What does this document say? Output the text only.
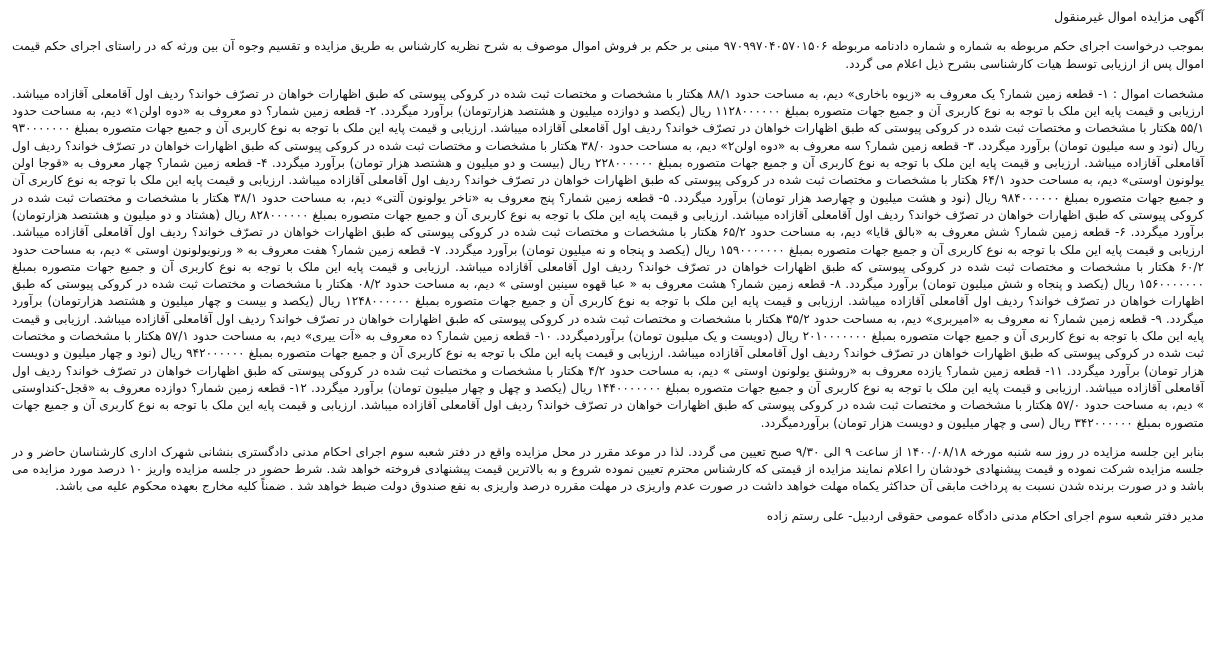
آگهی مزایده اموال غیرمنقول

بموجب درخواست اجرای حکم مربوطه به شماره و شماره دادنامه مربوطه ۹۷۰۹۹۷۰۴۰۵۷۰۱۵۰۶ مبنی بر حکم بر فروش اموال موصوف به شرح نظریه کارشناس به طریق مزایده و تقسیم وجوه آن بین ورثه که در راستای اجرای حکم قیمت اموال پس از ارزیابی توسط هیات کارشناسی بشرح ذیل اعلام می گردد.

مشخصات اموال : ۱- قطعه زمین شمار؟ یک معروف به «زیوه باخاری» دیم، به مساحت حدود ۸۸/۱ هکتار با مشخصات و مختصات ثبت شده در کروکی پیوستی که طبق اظهارات خواهان در تصرّف خواند؟ ردیف اول آقامعلی آقازاده میباشد. ارزیابی و قیمت پایه این ملک با توجه به نوع کاربری آن و جمیع جهات متصوره بمبلغ ۱۱۲۸۰۰۰۰۰۰ ریال (یکصد و دوازده میلیون و هشتصد هزارتومان) برآورد میگردد. ۲- قطعه زمین شمار؟ دو معروف به «دوه اولن۱» دیم، به مساحت حدود ۵۵/۱ هکتار با مشخصات و مختصات ثبت شده در کروکی پیوستی که طبق اظهارات خواهان در تصرّف خواند؟ ردیف اول آقامعلی آقازاده میباشد. ارزیابی و قیمت پایه این ملک با توجه به نوع کاربری آن و جمیع جهات متصوره بمبلغ ۹۳۰۰۰۰۰۰۰ ریال (نود و سه میلیون تومان) برآورد میگردد. ۳- قطعه زمین شمار؟ سه معروف به «دوه اولن۲» دیم، به مساحت حدود ۳۸/۰ هکتار با مشخصات و مختصات ثبت شده در کروکی پیوستی که طبق اظهارات خواهان در تصرّف خواند؟ ردیف اول آقامعلی آقازاده میباشد. ارزیابی و قیمت پایه این ملک با توجه به نوع کاربری آن و جمیع جهات متصوره بمبلغ ۲۲۸۰۰۰۰۰۰ ریال (بیست و دو میلیون و هشتصد هزار تومان) برآورد میگردد. ۴- قطعه زمین شمار؟ چهار معروف به «قوجا اولن یولونون اوستی» دیم، به مساحت حدود ۶۴/۱ هکتار با مشخصات و مختصات ثبت شده در کروکی پیوستی که طبق اظهارات خواهان در تصرّف خواند؟ ردیف اول آقامعلی آقازاده میباشد. ارزیابی و قیمت پایه این ملک با توجه به نوع کاربری آن و جمیع جهات متصوره بمبلغ ۹۸۴۰۰۰۰۰۰ ریال (نود و هشت میلیون و چهارصد هزار تومان) برآورد میگردد. ۵- قطعه زمین شمار؟ پنج معروف به «ناخر یولونون آلتی» دیم، به مساحت حدود ۳۸/۱ هکتار با مشخصات و مختصات ثبت شده در کروکی پیوستی که طبق اظهارات خواهان در تصرّف خواند؟ ردیف اول آقامعلی آقازاده میباشد. ارزیابی و قیمت پایه این ملک با توجه به نوع کاربری آن و جمیع جهات متصوره بمبلغ ۸۲۸۰۰۰۰۰۰ ریال (هشتاد و دو میلیون و هشتصد هزارتومان) برآورد میگردد. ۶- قطعه زمین شمار؟ شش معروف به «بالق قایا» دیم، به مساحت حدود ۶۵/۲ هکتار با مشخصات و مختصات ثبت شده در کروکی پیوستی که طبق اظهارات خواهان در تصرّف خواند؟ ردیف اول آقامعلی آقازاده میباشد. ارزیابی و قیمت پایه این ملک با توجه به نوع کاربری آن و جمیع جهات متصوره بمبلغ ۱۵۹۰۰۰۰۰۰۰ ریال (یکصد و پنجاه و نه میلیون تومان) برآورد میگردد. ۷- قطعه زمین شمار؟ هفت معروف به « ورنویولونون اوستی » دیم، به مساحت حدود ۶۰/۲ هکتار با مشخصات و مختصات ثبت شده در کروکی پیوستی که طبق اظهارات خواهان در تصرّف خواند؟ ردیف اول آقامعلی آقازاده میباشد. ارزیابی و قیمت پایه این ملک با توجه به نوع کاربری آن و جمیع جهات متصوره بمبلغ ۱۵۶۰۰۰۰۰۰۰ ریال (یکصد و پنجاه و شش میلیون تومان) برآورد میگردد. ۸- قطعه زمین شمار؟ هشت معروف به « عبا قهوه سینین اوستی » دیم، به مساحت حدود ۰۸/۲ هکتار با مشخصات و مختصات ثبت شده در کروکی پیوستی که طبق اظهارات خواهان در تصرّف خواند؟ ردیف اول آقامعلی آقازاده میباشد. ارزیابی و قیمت پایه این ملک با توجه به نوع کاربری آن و جمیع جهات متصوره بمبلغ ۱۲۴۸۰۰۰۰۰۰ ریال (یکصد و بیست و چهار میلیون و هشتصد هزارتومان) برآورد میگردد. ۹- قطعه زمین شمار؟ نه معروف به «امیربری» دیم، به مساحت حدود ۳۵/۲ هکتار با مشخصات و مختصات ثبت شده در کروکی پیوستی که طبق اظهارات خواهان در تصرّف خواند؟ ردیف اول آقامعلی آقازاده میباشد. ارزیابی و قیمت پایه این ملک با توجه به نوع کاربری آن و جمیع جهات متصوره بمبلغ ۲۰۱۰۰۰۰۰۰۰ ریال (دویست و یک میلیون تومان) برآوردمیگردد. ۱۰- قطعه زمین شمار؟ ده معروف به «آت ییری» دیم، به مساحت حدود ۵۷/۱ هکتار با مشخصات و مختصات ثبت شده در کروکی پیوستی که طبق اظهارات خواهان در تصرّف خواند؟ ردیف اول آقامعلی آقازاده میباشد. ارزیابی و قیمت پایه این ملک با توجه به نوع کاربری آن و جمیع جهات متصوره بمبلغ ۹۴۲۰۰۰۰۰۰ ریال (نود و چهار میلیون و دویست هزار تومان) برآورد میگردد. ۱۱- قطعه زمین شمار؟ یازده معروف به «روشنق یولونون اوستی » دیم، به مساحت حدود ۴/۲ هکتار با مشخصات و مختصات ثبت شده در کروکی پیوستی که طبق اظهارات خواهان در تصرّف خواند؟ ردیف اول آقامعلی آقازاده میباشد. ارزیابی و قیمت پایه این ملک با توجه به نوع کاربری آن و جمیع جهات متصوره بمبلغ ۱۴۴۰۰۰۰۰۰۰ ریال (یکصد و چهل و چهار میلیون تومان) برآورد میگردد. ۱۲- قطعه زمین شمار؟ دوازده معروف به «قجل-کنداوستی » دیم، به مساحت حدود ۵۷/۰ هکتار با مشخصات و مختصات ثبت شده در کروکی پیوستی که طبق اظهارات خواهان در تصرّف خواند؟ ردیف اول آقامعلی آقازاده میباشد. ارزیابی و قیمت پایه این ملک با توجه به نوع کاربری آن و جمیع جهات متصوره بمبلغ ۳۴۲۰۰۰۰۰۰ ریال (سی و چهار میلیون و دویست هزار تومان) برآوردمیگردد.

بنابر این جلسه مزایده در روز سه شنبه مورخه ۱۴۰۰/۰۸/۱۸ از ساعت ۹ الی ۹/۳۰ صبح تعیین می گردد. لذا در موعد مقرر در محل مزایده واقع در دفتر شعبه سوم اجرای احکام مدنی دادگستری بنشانی شهرک اداری کارشناسان حاضر و در جلسه مزایده شرکت نموده و قیمت پیشنهادی خودشان را اعلام نمایند مزایده از قیمتی که کارشناس محترم تعیین نموده شروع و به بالاترین قیمت پیشنهادی فروخته خواهد شد. شرط حضور در جلسه مزایده واریز ۱۰ درصد مورد مزایده می باشد و در صورت برنده شدن نسبت به پرداخت مابقی آن حداکثر یکماه مهلت خواهد داشت در صورت عدم واریزی در مهلت مقرره درصد واریزی به نفع صندوق دولت ضبط خواهد شد . ضمناً کلیه مخارج بعهده محکوم علیه می باشد.

مدیر دفتر شعبه سوم اجرای احکام مدنی دادگاه عمومی حقوقی اردبیل- علی رستم زاده
